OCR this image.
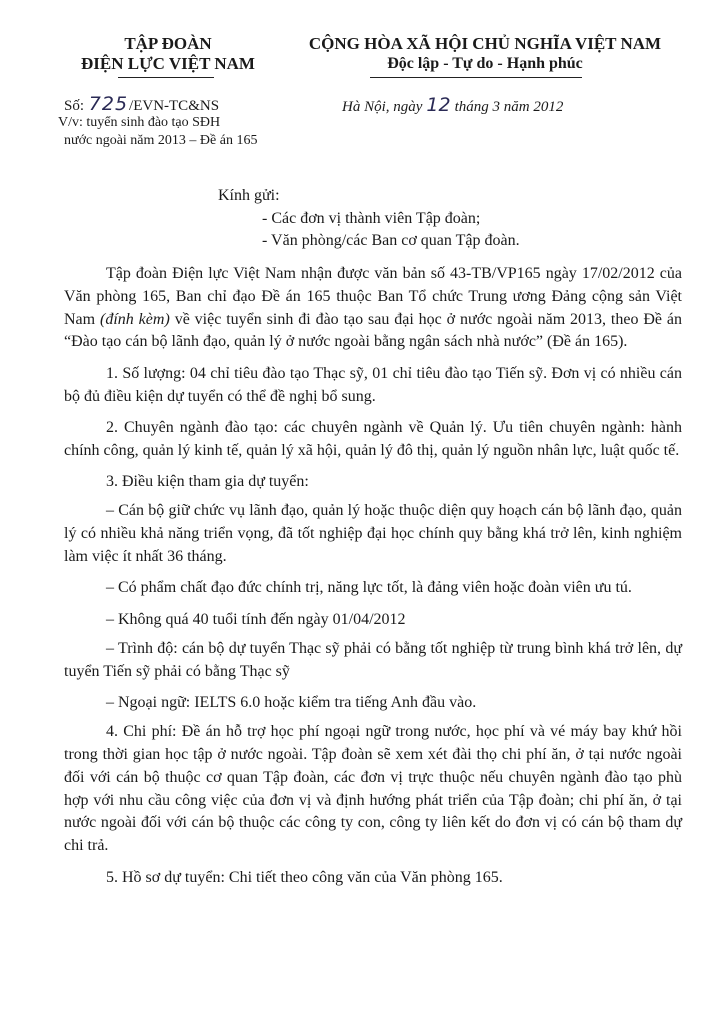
TẬP ĐOÀN
ĐIỆN LỰC VIỆT NAM
CỘNG HÒA XÃ HỘI CHỦ NGHĨA VIỆT NAM
Độc lập - Tự do - Hạnh phúc
Số: 725/EVN-TC&NS
V/v: tuyển sinh đào tạo SĐH
nước ngoài năm 2013 – Đề án 165
Hà Nội, ngày 12 tháng 3 năm 2012
Kính gửi:
- Các đơn vị thành viên Tập đoàn;
- Văn phòng/các Ban cơ quan Tập đoàn.

Tập đoàn Điện lực Việt Nam nhận được văn bản số 43-TB/VP165 ngày 17/02/2012 của Văn phòng 165, Ban chỉ đạo Đề án 165 thuộc Ban Tổ chức Trung ương Đảng cộng sản Việt Nam (đính kèm) về việc tuyển sinh đi đào tạo sau đại học ở nước ngoài năm 2013, theo Đề án “Đào tạo cán bộ lãnh đạo, quản lý ở nước ngoài bằng ngân sách nhà nước” (Đề án 165).

1. Số lượng: 04 chỉ tiêu đào tạo Thạc sỹ, 01 chỉ tiêu đào tạo Tiến sỹ. Đơn vị có nhiều cán bộ đủ điều kiện dự tuyển có thể đề nghị bổ sung.

2. Chuyên ngành đào tạo: các chuyên ngành về Quản lý. Ưu tiên chuyên ngành: hành chính công, quản lý kinh tế, quản lý xã hội, quản lý đô thị, quản lý nguồn nhân lực, luật quốc tế.

3. Điều kiện tham gia dự tuyển:

– Cán bộ giữ chức vụ lãnh đạo, quản lý hoặc thuộc diện quy hoạch cán bộ lãnh đạo, quản lý có nhiều khả năng triển vọng, đã tốt nghiệp đại học chính quy bằng khá trở lên, kinh nghiệm làm việc ít nhất 36 tháng.

– Có phẩm chất đạo đức chính trị, năng lực tốt, là đảng viên hoặc đoàn viên ưu tú.

– Không quá 40 tuổi tính đến ngày 01/04/2012

– Trình độ: cán bộ dự tuyển Thạc sỹ phải có bằng tốt nghiệp từ trung bình khá trở lên, dự tuyển Tiến sỹ phải có bằng Thạc sỹ

– Ngoại ngữ: IELTS 6.0 hoặc kiểm tra tiếng Anh đầu vào.

4. Chi phí: Đề án hỗ trợ học phí ngoại ngữ trong nước, học phí và vé máy bay khứ hồi trong thời gian học tập ở nước ngoài. Tập đoàn sẽ xem xét đài thọ chi phí ăn, ở tại nước ngoài đối với cán bộ thuộc cơ quan Tập đoàn, các đơn vị trực thuộc nếu chuyên ngành đào tạo phù hợp với nhu cầu công việc của đơn vị và định hướng phát triển của Tập đoàn; chi phí ăn, ở tại nước ngoài đối với cán bộ thuộc các công ty con, công ty liên kết do đơn vị có cán bộ tham dự chi trả.

5. Hồ sơ dự tuyển: Chi tiết theo công văn của Văn phòng 165.
